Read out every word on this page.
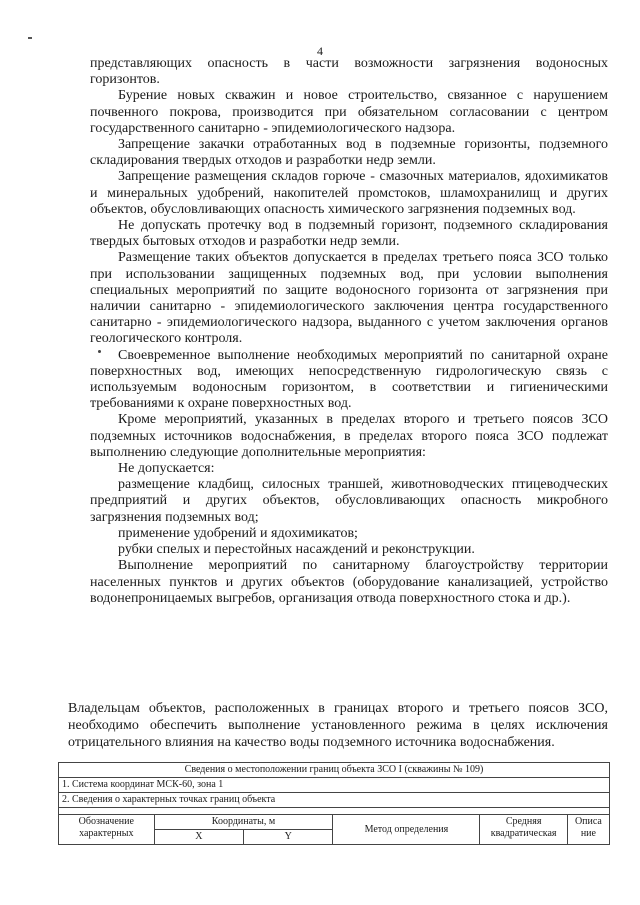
4

представляющих опасность в части возможности загрязнения водоносных горизонтов.

Бурение новых скважин и новое строительство, связанное с нарушением почвенного покрова, производится при обязательном согласовании с центром государственного санитарно - эпидемиологического надзора.

Запрещение закачки отработанных вод в подземные горизонты, подземного складирования твердых отходов и разработки недр земли.

Запрещение размещения складов горюче - смазочных материалов, ядохимикатов и минеральных удобрений, накопителей промстоков, шламохранилищ и других объектов, обусловливающих опасность химического загрязнения подземных вод.

Не допускать протечку вод в подземный горизонт, подземного складирования твердых бытовых отходов и разработки недр земли.

Размещение таких объектов допускается в пределах третьего пояса ЗСО только при использовании защищенных подземных вод, при условии выполнения специальных мероприятий по защите водоносного горизонта от загрязнения при наличии санитарно - эпидемиологического заключения центра государственного санитарно - эпидемиологического надзора, выданного с учетом заключения органов геологического контроля.

Своевременное выполнение необходимых мероприятий по санитарной охране поверхностных вод, имеющих непосредственную гидрологическую связь с используемым водоносным горизонтом, в соответствии и гигиеническими требованиями к охране поверхностных вод.

Кроме мероприятий, указанных в пределах второго и третьего поясов ЗСО подземных источников водоснабжения, в пределах второго пояса ЗСО подлежат выполнению следующие дополнительные мероприятия:

Не допускается:

размещение кладбищ, силосных траншей, животноводческих птицеводческих предприятий и других объектов, обусловливающих опасность микробного загрязнения подземных вод;

применение удобрений и ядохимикатов;

рубки спелых и перестойных насаждений и реконструкции.

Выполнение мероприятий по санитарному благоустройству территории населенных пунктов и других объектов (оборудование канализацией, устройство водонепроницаемых выгребов, организация отвода поверхностного стока и др.).

Владельцам объектов, расположенных в границах второго и третьего поясов ЗСО, необходимо обеспечить выполнение установленного режима в целях исключения отрицательного влияния на качество воды подземного источника водоснабжения.

Сведения о местоположении границ объекта ЗСО I (скважины № 109)					
1. Система координат МСК-60, зона 1					
2. Сведения о характерных точках границ объекта					

Обозначение характерных	Координаты, м		Метод определения	Средняя квадратическая	Описа ние
	X	Y			
